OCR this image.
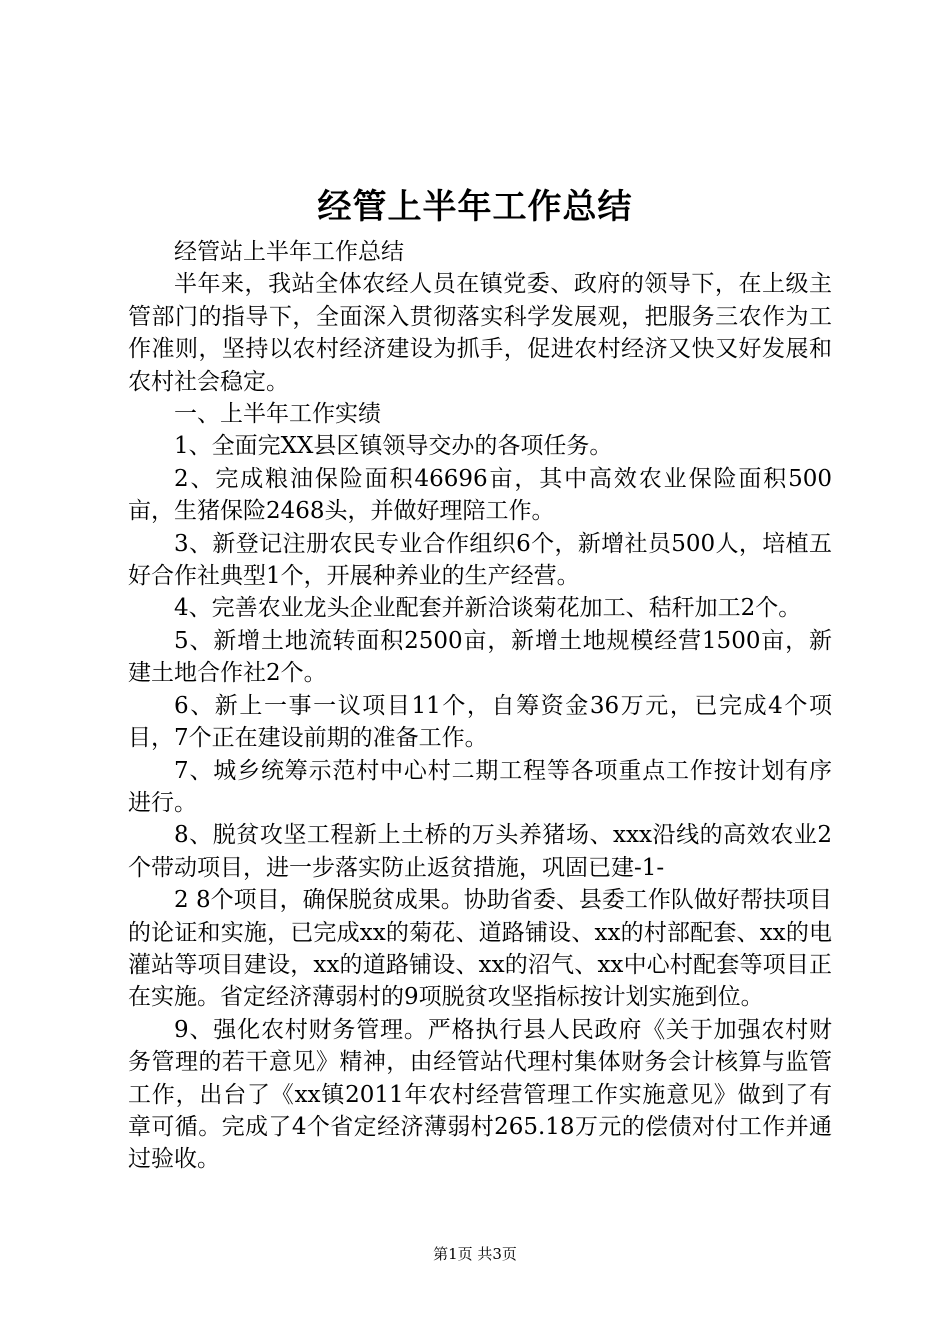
经管上半年工作总结

经管站上半年工作总结

半年来，我站全体农经人员在镇党委、政府的领导下，在上级主管部门的指导下，全面深入贯彻落实科学发展观，把服务三农作为工作准则，坚持以农村经济建设为抓手，促进农村经济又快又好发展和农村社会稳定。

一、上半年工作实绩

1、全面完XX县区镇领导交办的各项任务。

2、完成粮油保险面积46696亩，其中高效农业保险面积500亩，生猪保险2468头，并做好理陪工作。

3、新登记注册农民专业合作组织6个，新增社员500人，培植五好合作社典型1个，开展种养业的生产经营。

4、完善农业龙头企业配套并新洽谈菊花加工、秸秆加工2个。

5、新增土地流转面积2500亩，新增土地规模经营1500亩，新建土地合作社2个。

6、新上一事一议项目11个，自筹资金36万元，已完成4个项目，7个正在建设前期的准备工作。

7、城乡统筹示范村中心村二期工程等各项重点工作按计划有序进行。

8、脱贫攻坚工程新上土桥的万头养猪场、xxx沿线的高效农业2个带动项目，进一步落实防止返贫措施，巩固已建-1-

2 8个项目，确保脱贫成果。协助省委、县委工作队做好帮扶项目的论证和实施，已完成xx的菊花、道路铺设、xx的村部配套、xx的电灌站等项目建设，xx的道路铺设、xx的沼气、xx中心村配套等项目正在实施。省定经济薄弱村的9项脱贫攻坚指标按计划实施到位。

9、强化农村财务管理。严格执行县人民政府《关于加强农村财务管理的若干意见》精神，由经管站代理村集体财务会计核算与监管工作，出台了《xx镇2011年农村经营管理工作实施意见》做到了有章可循。完成了4个省定经济薄弱村265.18万元的偿债对付工作并通过验收。

第1页 共3页
